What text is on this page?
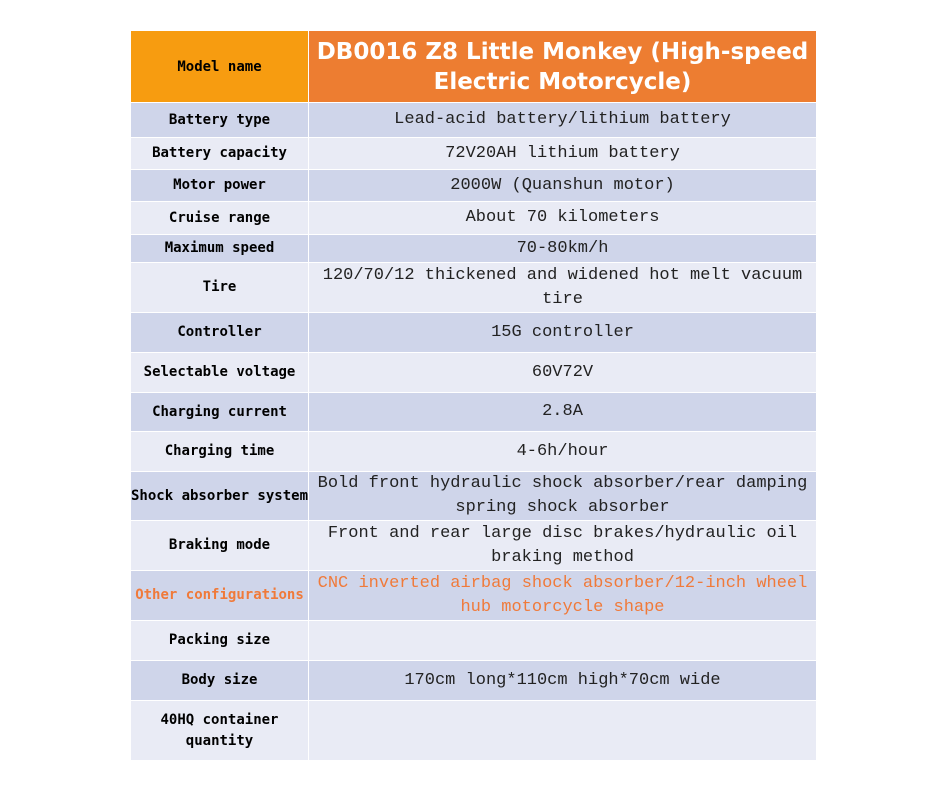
Model name	DB0016 Z8 Little Monkey (High-speed Electric Motorcycle)
Battery type	Lead-acid battery/lithium battery
Battery capacity	72V20AH lithium battery
Motor power	2000W (Quanshun motor)
Cruise range	About 70 kilometers
Maximum speed	70-80km/h
Tire	120/70/12 thickened and widened hot melt vacuum tire
Controller	15G controller
Selectable voltage	60V72V
Charging current	2.8A
Charging time	4-6h/hour
Shock absorber system	Bold front hydraulic shock absorber/rear damping spring shock absorber
Braking mode	Front and rear large disc brakes/hydraulic oil braking method
Other configurations	CNC inverted airbag shock absorber/12-inch wheel hub motorcycle shape
Packing size	
Body size	170cm long*110cm high*70cm wide
40HQ container quantity	
